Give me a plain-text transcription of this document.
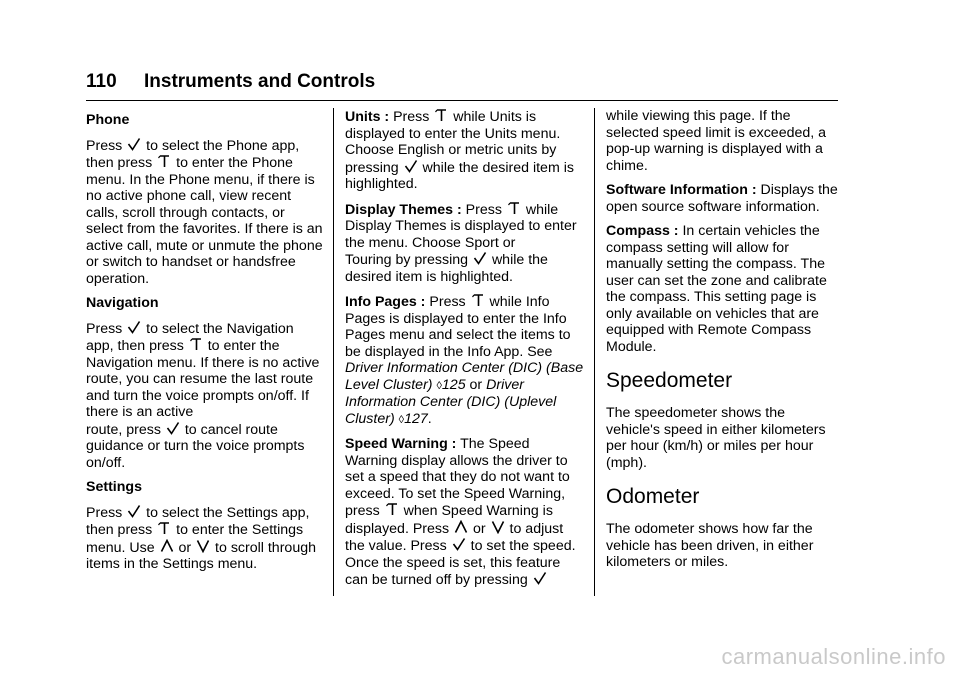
110 Instruments and Controls
Phone

Press to select the Phone app,
then press to enter the Phone menu. In the Phone menu, if there is no active phone call, view recent calls, scroll through contacts, or select from the favorites. If there is an active call, mute or unmute the phone or switch to handset or handsfree operation.

Navigation

Press to select the Navigation
app, then press to enter the Navigation menu. If there is no active route, you can resume the last route and turn the voice prompts on/off. If there is an active
route, press to cancel route guidance or turn the voice prompts on/off.

Settings

Press to select the Settings app,
then press to enter the Settings
menu. Use or to scroll through items in the Settings menu.

Units : Press while Units is displayed to enter the Units menu. Choose English or metric units by
pressing while the desired item is highlighted.

Display Themes : Press while Display Themes is displayed to enter the menu. Choose Sport or
Touring by pressing while the desired item is highlighted.

Info Pages : Press while Info Pages is displayed to enter the Info Pages menu and select the items to be displayed in the Info App. See Driver Information Center (DIC) (Base Level Cluster) ◊125 or Driver Information Center (DIC) (Uplevel Cluster) ◊127.

Speed Warning : The Speed Warning display allows the driver to set a speed that they do not want to exceed. To set the Speed Warning,
press when Speed Warning is
displayed. Press or to adjust
the value. Press to set the speed. Once the speed is set, this feature
can be turned off by pressing

while viewing this page. If the selected speed limit is exceeded, a pop-up warning is displayed with a chime.

Software Information : Displays the open source software information.

Compass : In certain vehicles the compass setting will allow for manually setting the compass. The user can set the zone and calibrate the compass. This setting page is only available on vehicles that are equipped with Remote Compass Module.

Speedometer

The speedometer shows the vehicle's speed in either kilometers per hour (km/h) or miles per hour (mph).

Odometer

The odometer shows how far the vehicle has been driven, in either kilometers or miles.

carmanualsonline.info
